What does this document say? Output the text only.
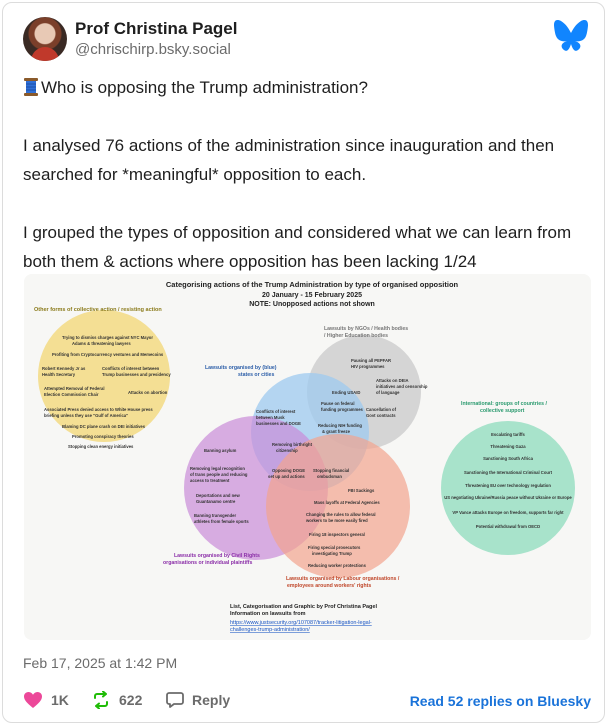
Prof Christina Pagel
@chrischirp.bsky.social

Who is opposing the Trump administration?

I analysed 76 actions of the administration since inauguration and then searched for *meaningful* opposition to each.

I grouped the types of opposition and considered what we can learn from both them & actions where opposition has been lacking 1/24

Categorising actions of the Trump Administration by type of organised opposition
20 January - 15 February 2025
NOTE: Unopposed actions not shown
Other forms of collective action / resisting action
Lawsuits by NGOs / Health bodies / Higher Education bodies
Lawsuits organised by (blue) states or cities
Lawsuits organised by Civil Rights organisations or individual plaintiffs
Lawsuits organised by Labour organisations / employees around workers' rights
International: groups of countries / collective support
Trying to dismiss charges against NYC Mayor
Adams & threatening lawyers
Profiting from Cryptocurrency ventures and Memecoins
Robert Kennedy Jr as
Health Secretary
Conflicts of interest between
Trump businesses and presidency
Attacks on abortion
Attempted Removal of Federal
Election Commission Chair
Associated Press denied access to White House press
briefing unless they use "Gulf of America"
Blaming DC plane crash on DEI initiatives
Promoting conspiracy theories
Stopping clean energy initiatives
Pausing all PEPFAR
HIV programmes
Attacks on DEIA
initiatives and censorship
of language
Ending USAID
Pause on federal
funding programmes Cancellation of
Govt contracts
Reducing NIH funding
& grant freeze
Conflicts of interest
between Musk
businesses and DOGE
Removing birthright
citizenship
Opposing DOGE
set up and actions
Stopping financial
ombudsman
Banning asylum
Removing legal recognition
of trans people and reducing
access to treatment
Deportations and new
Guantanamo centre
Banning transgender
athletes from female sports
FBI Sackings
Mass layoffs at Federal Agencies
Changing the rules to allow federal
workers to be more easily fired
Firing 18 inspectors general
Firing special prosecutors
investigating Trump
Reducing worker protections
Escalating tariffs
Threatening Gaza
Sanctioning South Africa
Sanctioning the International Criminal Court
Threatening EU over technology regulation
US negotiating Ukraine/Russia peace without Ukraine or Europe
VP Vance attacks Europe on freedom, supports far right
Potential withdrawal from OECD
List, Categorisation and Graphic by Prof Christina Pagel
Information on lawsuits from
https://www.justsecurity.org/107087/tracker-litigation-legal-
challenges-trump-administration/
Feb 17, 2025 at 1:42 PM
1K	622	Reply	Read 52 replies on Bluesky
